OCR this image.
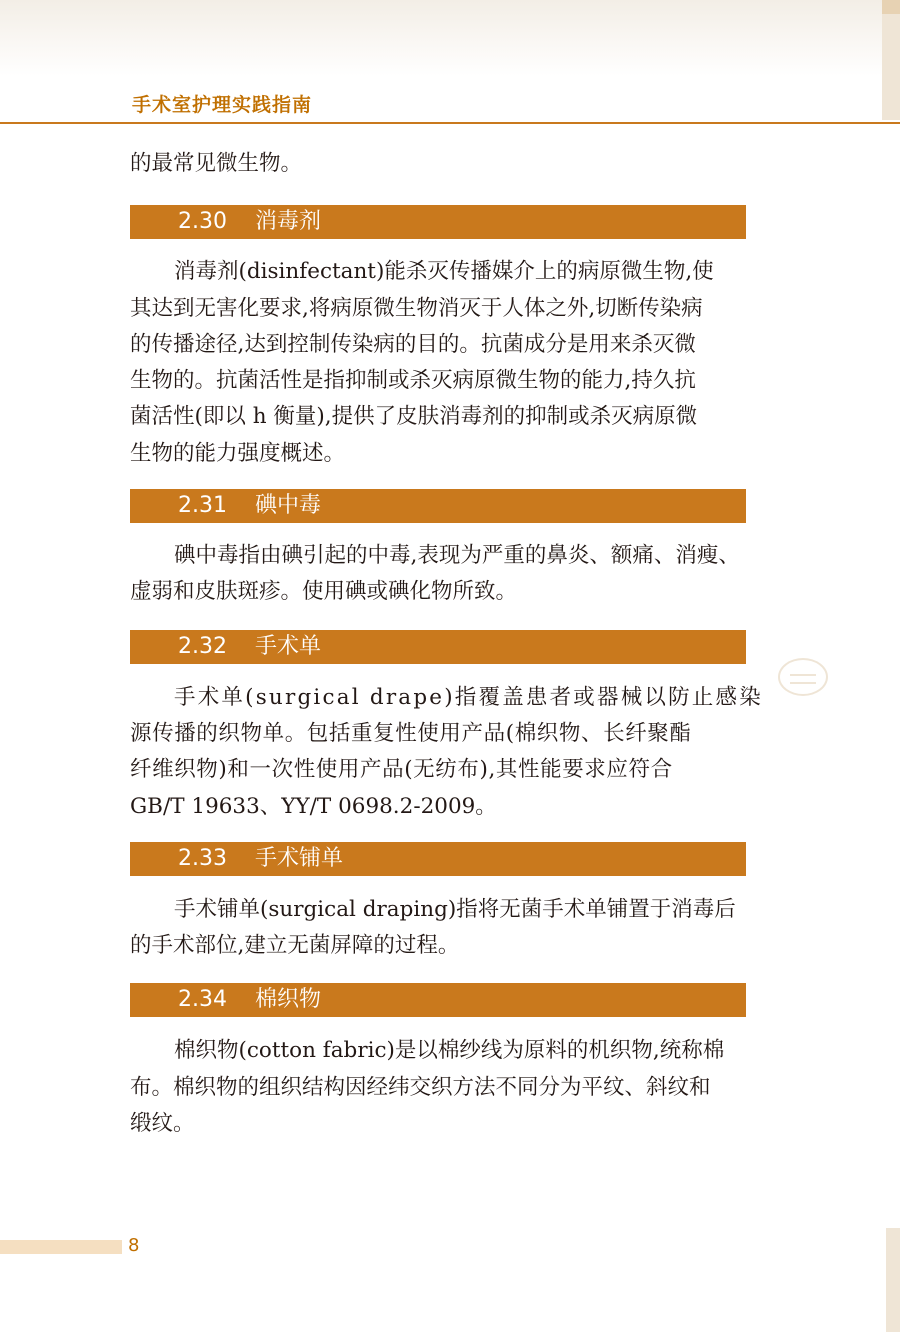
手术室护理实践指南

的最常见微生物。

2.30 消毒剂

消毒剂(disinfectant)能杀灭传播媒介上的病原微生物,使
其达到无害化要求,将病原微生物消灭于人体之外,切断传染病
的传播途径,达到控制传染病的目的。抗菌成分是用来杀灭微
生物的。抗菌活性是指抑制或杀灭病原微生物的能力,持久抗
菌活性(即以 h 衡量),提供了皮肤消毒剂的抑制或杀灭病原微
生物的能力强度概述。

2.31 碘中毒

碘中毒指由碘引起的中毒,表现为严重的鼻炎、额痛、消瘦、
虚弱和皮肤斑疹。使用碘或碘化物所致。

2.32 手术单

手术单(surgical drape)指覆盖患者或器械以防止感染
源传播的织物单。包括重复性使用产品(棉织物、长纤聚酯
纤维织物)和一次性使用产品(无纺布),其性能要求应符合
GB/T 19633、YY/T 0698.2-2009。

2.33 手术铺单

手术铺单(surgical draping)指将无菌手术单铺置于消毒后
的手术部位,建立无菌屏障的过程。

2.34 棉织物

棉织物(cotton fabric)是以棉纱线为原料的机织物,统称棉
布。棉织物的组织结构因经纬交织方法不同分为平纹、斜纹和
缎纹。

8
